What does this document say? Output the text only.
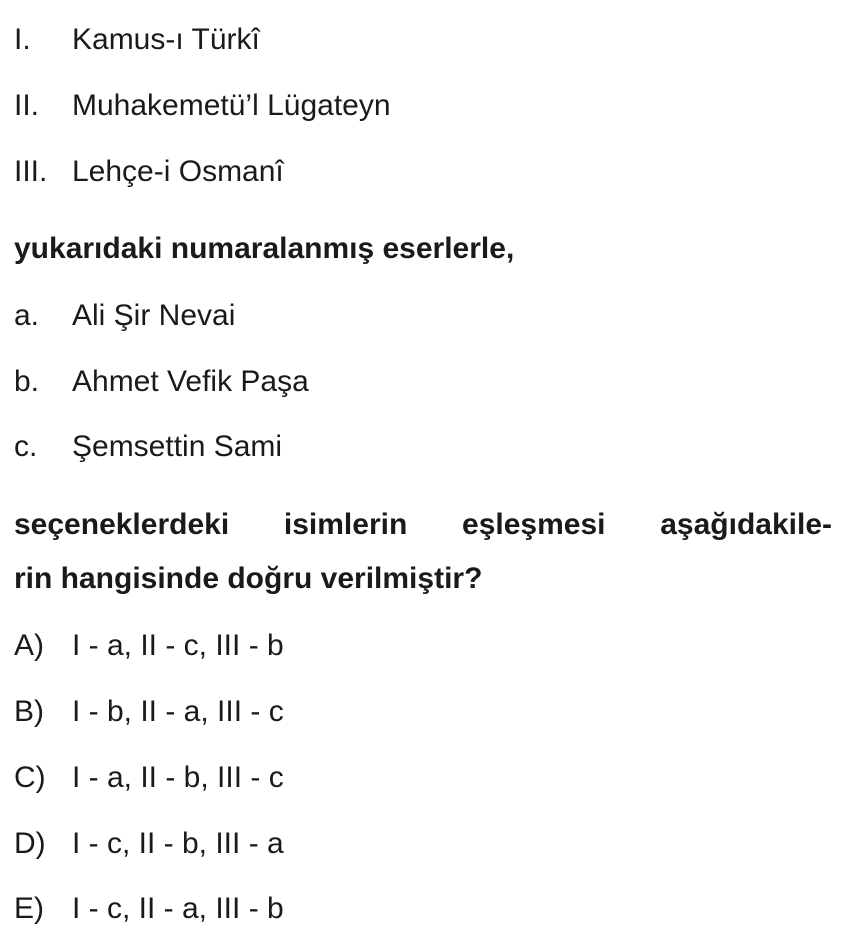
I. Kamus-ı Türkî
II. Muhakemetü’l Lügateyn
III. Lehçe-i Osmanî
yukarıdaki numaralanmış eserlerle,
a. Ali Şir Nevai
b. Ahmet Vefik Paşa
c. Şemsettin Sami
seçeneklerdeki isimlerin eşleşmesi aşağıdakile-
rin hangisinde doğru verilmiştir?
A) I - a, II - c, III - b
B) I - b, II - a, III - c
C) I - a, II - b, III - c
D) I - c, II - b, III - a
E) I - c, II - a, III - b
